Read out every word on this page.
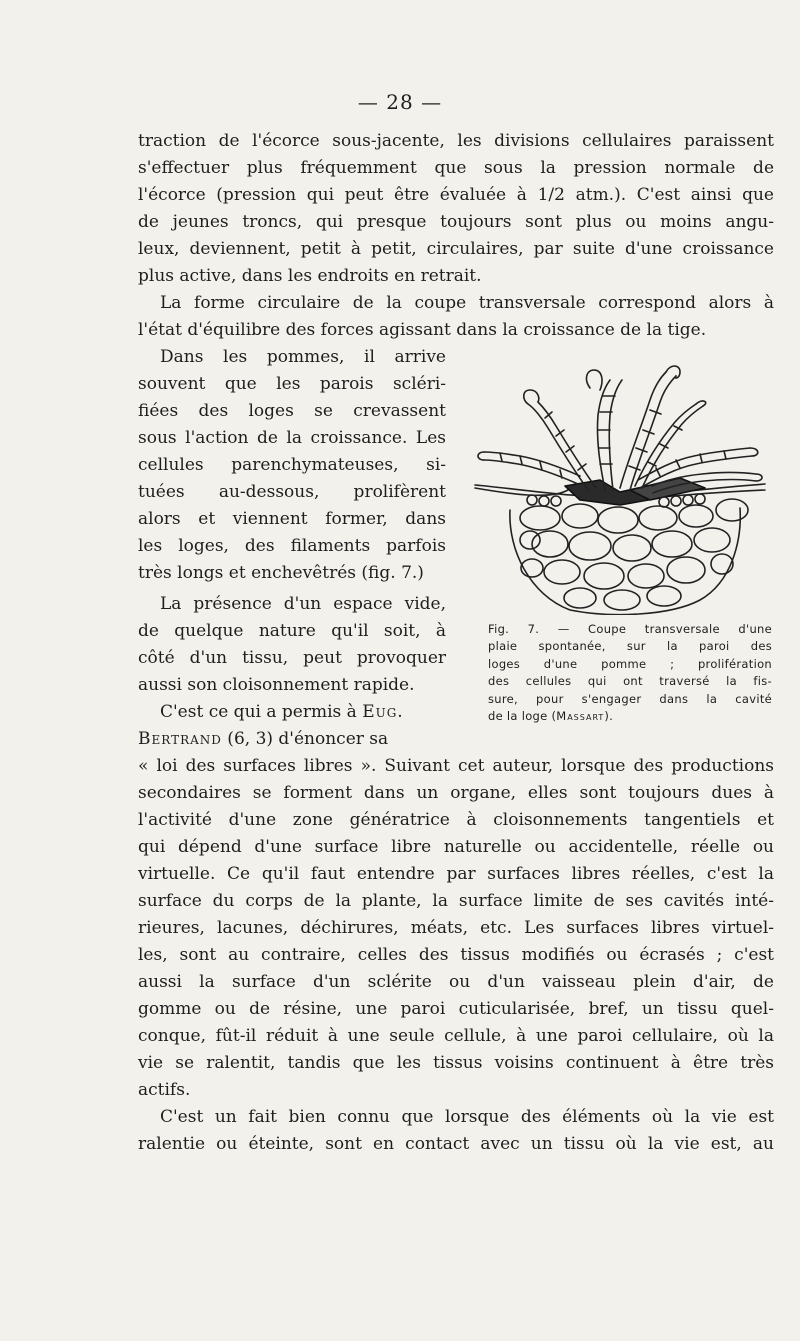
— 28 —
traction de l'écorce sous-jacente, les divisions cellulaires paraissent
s'effectuer plus fréquemment que sous la pression normale de
l'écorce (pression qui peut être évaluée à 1/2 atm.). C'est ainsi que
de jeunes troncs, qui presque toujours sont plus ou moins angu-
leux, deviennent, petit à petit, circulaires, par suite d'une croissance
plus active, dans les endroits en retrait.
La forme circulaire de la coupe transversale correspond alors à
l'état d'équilibre des forces agissant dans la croissance de la tige.
Dans les pommes, il arrive
souvent que les parois scléri-
fiées des loges se crevassent
sous l'action de la croissance. Les
cellules parenchymateuses, si-
tuées au-dessous, prolifèrent
alors et viennent former, dans
les loges, des filaments parfois
très longs et enchevêtrés (fig. 7.)
La présence d'un espace vide,
de quelque nature qu'il soit, à
côté d'un tissu, peut provoquer
aussi son cloisonnement rapide.
C'est ce qui a permis à Eug.
Bertrand (6, 3) d'énoncer sa
« loi des surfaces libres ». Suivant cet auteur, lorsque des productions
secondaires se forment dans un organe, elles sont toujours dues à
l'activité d'une zone génératrice à cloisonnements tangentiels et
qui dépend d'une surface libre naturelle ou accidentelle, réelle ou
virtuelle. Ce qu'il faut entendre par surfaces libres réelles, c'est la
surface du corps de la plante, la surface limite de ses cavités inté-
rieures, lacunes, déchirures, méats, etc. Les surfaces libres virtuel-
les, sont au contraire, celles des tissus modifiés ou écrasés ; c'est
aussi la surface d'un sclérite ou d'un vaisseau plein d'air, de
gomme ou de résine, une paroi cuticularisée, bref, un tissu quel-
conque, fût-il réduit à une seule cellule, à une paroi cellulaire, où la
vie se ralentit, tandis que les tissus voisins continuent à être très
actifs.
C'est un fait bien connu que lorsque des éléments où la vie est
ralentie ou éteinte, sont en contact avec un tissu où la vie est, au
Fig. 7. — Coupe transversale d'une
plaie spontanée, sur la paroi des
loges d'une pomme ; prolifération
des cellules qui ont traversé la fis-
sure, pour s'engager dans la cavité
de la loge (Massart).
